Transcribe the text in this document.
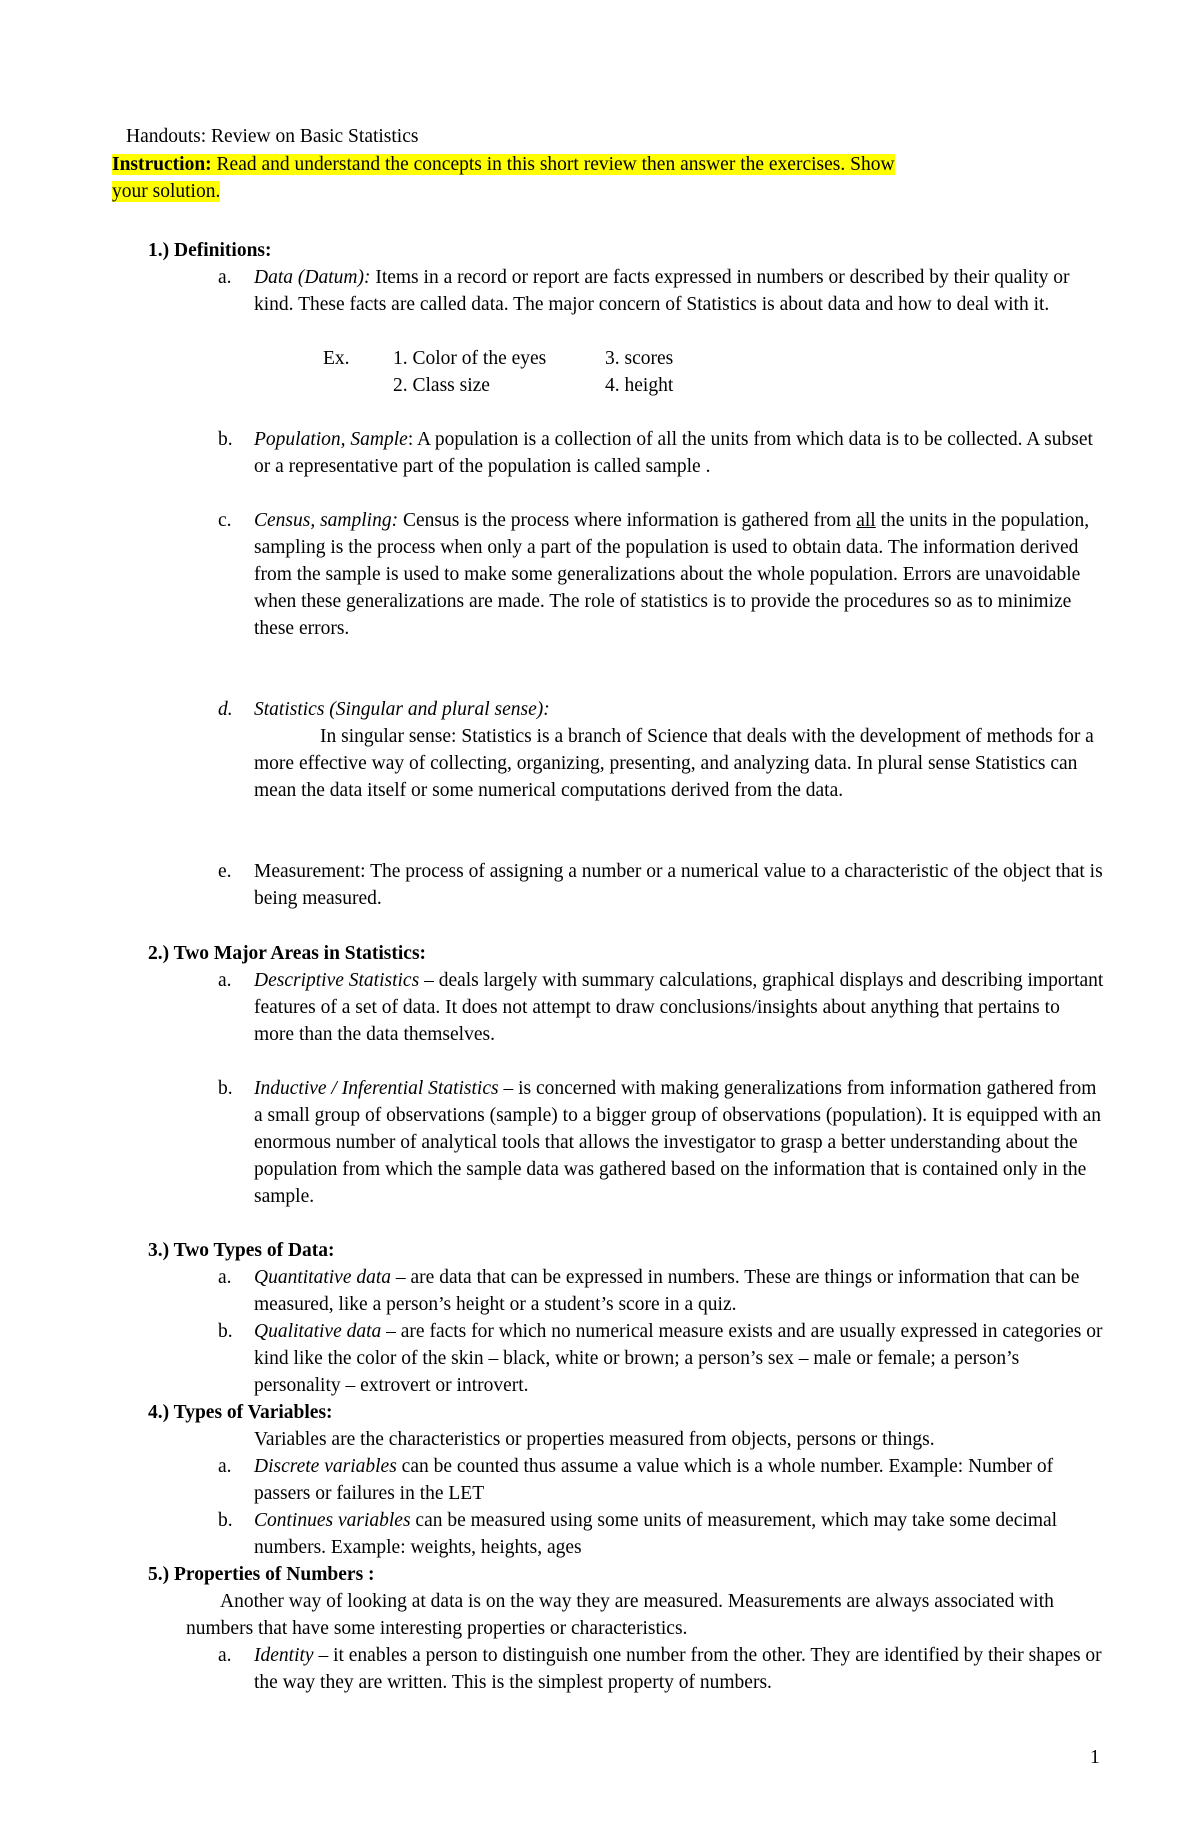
Handouts: Review on Basic Statistics
Instruction: Read and understand the concepts in this short review then answer the exercises. Show
your solution.
1.) Definitions:
a. Data (Datum): Items in a record or report are facts expressed in numbers or described by their quality or kind. These facts are called data. The major concern of Statistics is about data and how to deal with it.
Ex. 1. Color of the eyes	3. scores
2. Class size	4. height
b. Population, Sample: A population is a collection of all the units from which data is to be collected. A subset or a representative part of the population is called sample .
c. Census, sampling: Census is the process where information is gathered from all the units in the population, sampling is the process when only a part of the population is used to obtain data. The information derived from the sample is used to make some generalizations about the whole population. Errors are unavoidable when these generalizations are made. The role of statistics is to provide the procedures so as to minimize these errors.
d. Statistics (Singular and plural sense):
In singular sense: Statistics is a branch of Science that deals with the development of methods for a more effective way of collecting, organizing, presenting, and analyzing data. In plural sense Statistics can mean the data itself or some numerical computations derived from the data.
e. Measurement: The process of assigning a number or a numerical value to a characteristic of the object that is being measured.
2.) Two Major Areas in Statistics:
a. Descriptive Statistics – deals largely with summary calculations, graphical displays and describing important features of a set of data. It does not attempt to draw conclusions/insights about anything that pertains to more than the data themselves.
b. Inductive / Inferential Statistics – is concerned with making generalizations from information gathered from a small group of observations (sample) to a bigger group of observations (population). It is equipped with an enormous number of analytical tools that allows the investigator to grasp a better understanding about the population from which the sample data was gathered based on the information that is contained only in the sample.
3.) Two Types of Data:
a. Quantitative data – are data that can be expressed in numbers. These are things or information that can be measured, like a person’s height or a student’s score in a quiz.
b. Qualitative data – are facts for which no numerical measure exists and are usually expressed in categories or kind like the color of the skin – black, white or brown; a person’s sex – male or female; a person’s personality – extrovert or introvert.
4.) Types of Variables:
Variables are the characteristics or properties measured from objects, persons or things.
a. Discrete variables can be counted thus assume a value which is a whole number. Example: Number of passers or failures in the LET
b. Continues variables can be measured using some units of measurement, which may take some decimal numbers. Example: weights, heights, ages
5.) Properties of Numbers :
Another way of looking at data is on the way they are measured. Measurements are always associated with numbers that have some interesting properties or characteristics.
a. Identity – it enables a person to distinguish one number from the other. They are identified by their shapes or the way they are written. This is the simplest property of numbers.
1
